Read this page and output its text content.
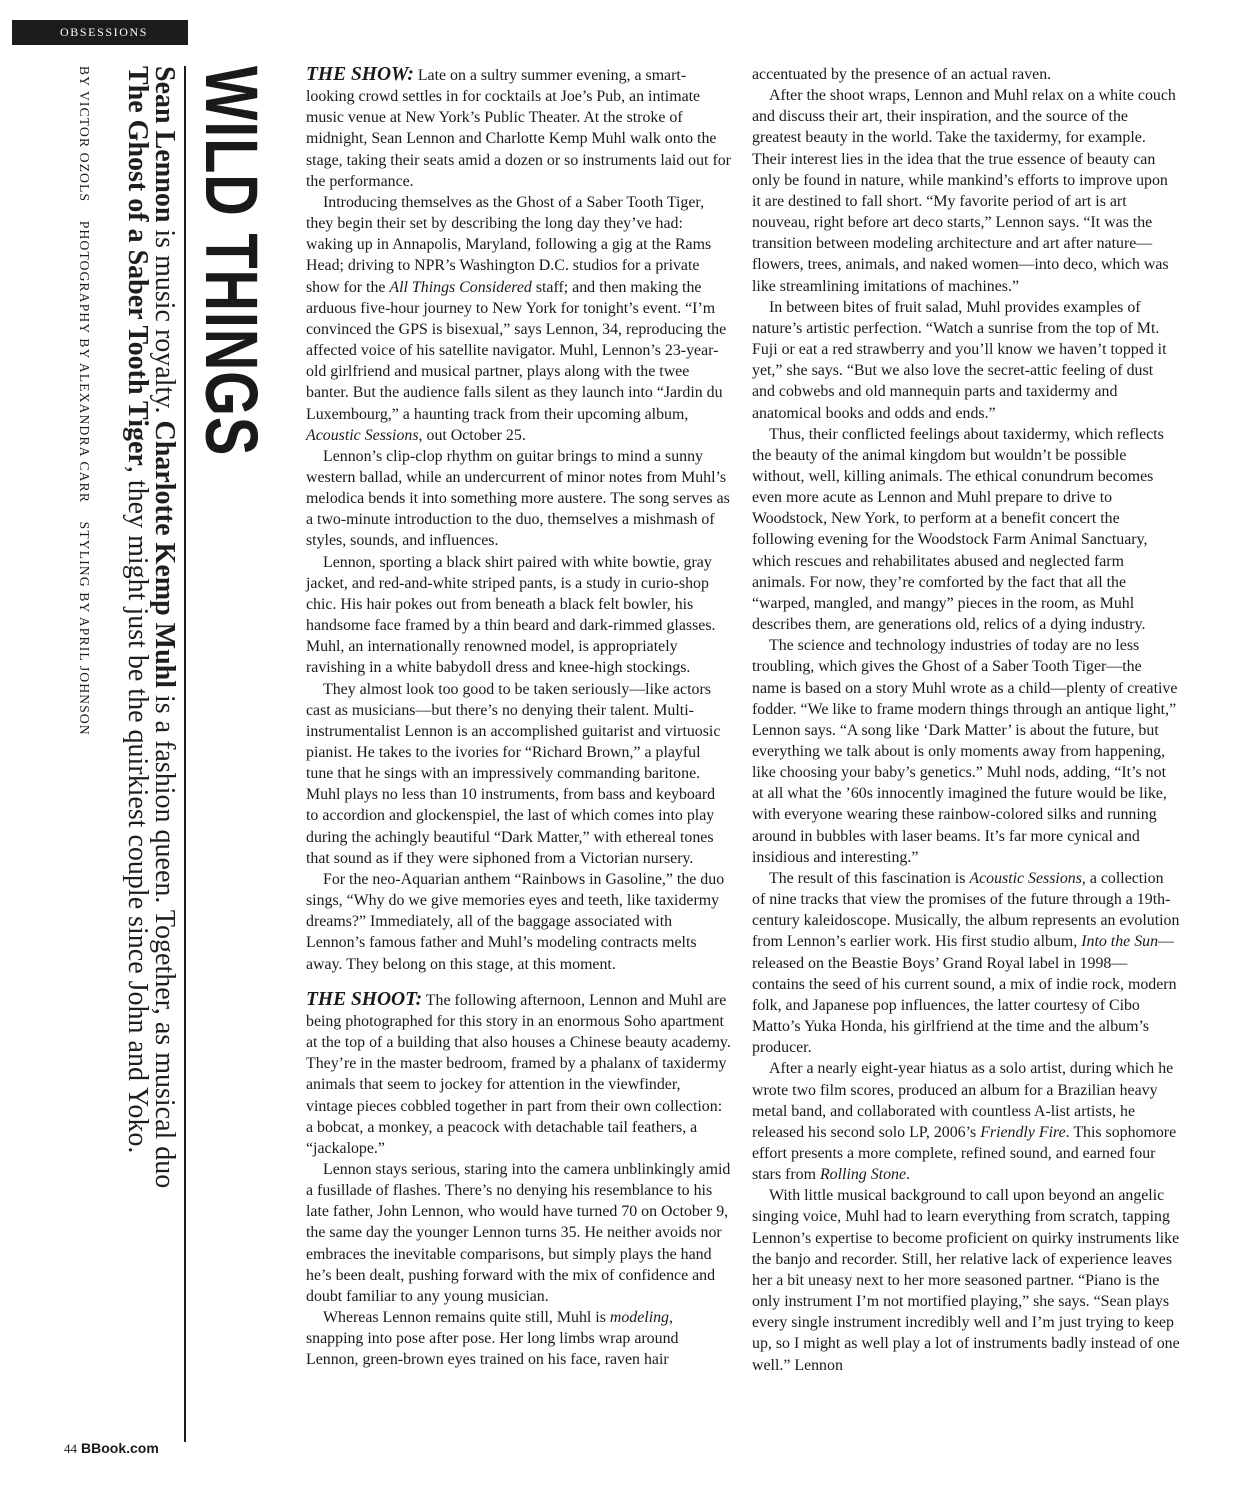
OBSESSIONS
WILD THINGS
Sean Lennon is music royalty. Charlotte Kemp Muhl is a fashion queen. Together, as musical duo
The Ghost of a Saber Tooth Tiger, they might just be the quirkiest couple since John and Yoko.
BY VICTOR OZOLS PHOTOGRAPHY BY ALEXANDRA CARR STYLING BY APRIL JOHNSON

THE SHOW: Late on a sultry summer evening, a smart-looking crowd settles in for cocktails at Joe’s Pub, an intimate music venue at New York’s Public Theater. At the stroke of midnight, Sean Lennon and Charlotte Kemp Muhl walk onto the stage, taking their seats amid a dozen or so instruments laid out for the performance.

Introducing themselves as the Ghost of a Saber Tooth Tiger, they begin their set by describing the long day they’ve had: waking up in Annapolis, Maryland, following a gig at the Rams Head; driving to NPR’s Washington D.C. studios for a private show for the All Things Considered staff; and then making the arduous five-hour journey to New York for tonight’s event. “I’m convinced the GPS is bisexual,” says Lennon, 34, reproducing the affected voice of his satellite navigator. Muhl, Lennon’s 23-year-old girlfriend and musical partner, plays along with the twee banter. But the audience falls silent as they launch into “Jardin du Luxembourg,” a haunting track from their upcoming album, Acoustic Sessions, out October 25.

Lennon’s clip-clop rhythm on guitar brings to mind a sunny western ballad, while an undercurrent of minor notes from Muhl’s melodica bends it into something more austere. The song serves as a two-minute introduction to the duo, themselves a mishmash of styles, sounds, and influences.

Lennon, sporting a black shirt paired with white bowtie, gray jacket, and red-and-white striped pants, is a study in curio-shop chic. His hair pokes out from beneath a black felt bowler, his handsome face framed by a thin beard and dark-rimmed glasses. Muhl, an internationally renowned model, is appropriately ravishing in a white babydoll dress and knee-high stockings.

They almost look too good to be taken seriously—like actors cast as musicians—but there’s no denying their talent. Multi-instrumentalist Lennon is an accomplished guitarist and virtuosic pianist. He takes to the ivories for “Richard Brown,” a playful tune that he sings with an impressively commanding baritone. Muhl plays no less than 10 instruments, from bass and keyboard to accordion and glockenspiel, the last of which comes into play during the achingly beautiful “Dark Matter,” with ethereal tones that sound as if they were siphoned from a Victorian nursery.

For the neo-Aquarian anthem “Rainbows in Gasoline,” the duo sings, “Why do we give memories eyes and teeth, like taxidermy dreams?” Immediately, all of the baggage associated with Lennon’s famous father and Muhl’s modeling contracts melts away. They belong on this stage, at this moment.

THE SHOOT: The following afternoon, Lennon and Muhl are being photographed for this story in an enormous Soho apartment at the top of a building that also houses a Chinese beauty academy. They’re in the master bedroom, framed by a phalanx of taxidermy animals that seem to jockey for attention in the viewfinder, vintage pieces cobbled together in part from their own collection: a bobcat, a monkey, a peacock with detachable tail feathers, a “jackalope.”

Lennon stays serious, staring into the camera unblinkingly amid a fusillade of flashes. There’s no denying his resemblance to his late father, John Lennon, who would have turned 70 on October 9, the same day the younger Lennon turns 35. He neither avoids nor embraces the inevitable comparisons, but simply plays the hand he’s been dealt, pushing forward with the mix of confidence and doubt familiar to any young musician.

Whereas Lennon remains quite still, Muhl is modeling, snapping into pose after pose. Her long limbs wrap around Lennon, green-brown eyes trained on his face, raven hair

accentuated by the presence of an actual raven.

After the shoot wraps, Lennon and Muhl relax on a white couch and discuss their art, their inspiration, and the source of the greatest beauty in the world. Take the taxidermy, for example. Their interest lies in the idea that the true essence of beauty can only be found in nature, while mankind’s efforts to improve upon it are destined to fall short. “My favorite period of art is art nouveau, right before art deco starts,” Lennon says. “It was the transition between modeling architecture and art after nature—flowers, trees, animals, and naked women—into deco, which was like streamlining imitations of machines.”

In between bites of fruit salad, Muhl provides examples of nature’s artistic perfection. “Watch a sunrise from the top of Mt. Fuji or eat a red strawberry and you’ll know we haven’t topped it yet,” she says. “But we also love the secret-attic feeling of dust and cobwebs and old mannequin parts and taxidermy and anatomical books and odds and ends.”

Thus, their conflicted feelings about taxidermy, which reflects the beauty of the animal kingdom but wouldn’t be possible without, well, killing animals. The ethical conundrum becomes even more acute as Lennon and Muhl prepare to drive to Woodstock, New York, to perform at a benefit concert the following evening for the Woodstock Farm Animal Sanctuary, which rescues and rehabilitates abused and neglected farm animals. For now, they’re comforted by the fact that all the “warped, mangled, and mangy” pieces in the room, as Muhl describes them, are generations old, relics of a dying industry.

The science and technology industries of today are no less troubling, which gives the Ghost of a Saber Tooth Tiger—the name is based on a story Muhl wrote as a child—plenty of creative fodder. “We like to frame modern things through an antique light,” Lennon says. “A song like ‘Dark Matter’ is about the future, but everything we talk about is only moments away from happening, like choosing your baby’s genetics.” Muhl nods, adding, “It’s not at all what the ’60s innocently imagined the future would be like, with everyone wearing these rainbow-colored silks and running around in bubbles with laser beams. It’s far more cynical and insidious and interesting.”

The result of this fascination is Acoustic Sessions, a collection of nine tracks that view the promises of the future through a 19th-century kaleidoscope. Musically, the album represents an evolution from Lennon’s earlier work. His first studio album, Into the Sun—released on the Beastie Boys’ Grand Royal label in 1998—contains the seed of his current sound, a mix of indie rock, modern folk, and Japanese pop influences, the latter courtesy of Cibo Matto’s Yuka Honda, his girlfriend at the time and the album’s producer.

After a nearly eight-year hiatus as a solo artist, during which he wrote two film scores, produced an album for a Brazilian heavy metal band, and collaborated with countless A-list artists, he released his second solo LP, 2006’s Friendly Fire. This sophomore effort presents a more complete, refined sound, and earned four stars from Rolling Stone.

With little musical background to call upon beyond an angelic singing voice, Muhl had to learn everything from scratch, tapping Lennon’s expertise to become proficient on quirky instruments like the banjo and recorder. Still, her relative lack of experience leaves her a bit uneasy next to her more seasoned partner. “Piano is the only instrument I’m not mortified playing,” she says. “Sean plays every single instrument incredibly well and I’m just trying to keep up, so I might as well play a lot of instruments badly instead of one well.” Lennon

44 BBook.com
